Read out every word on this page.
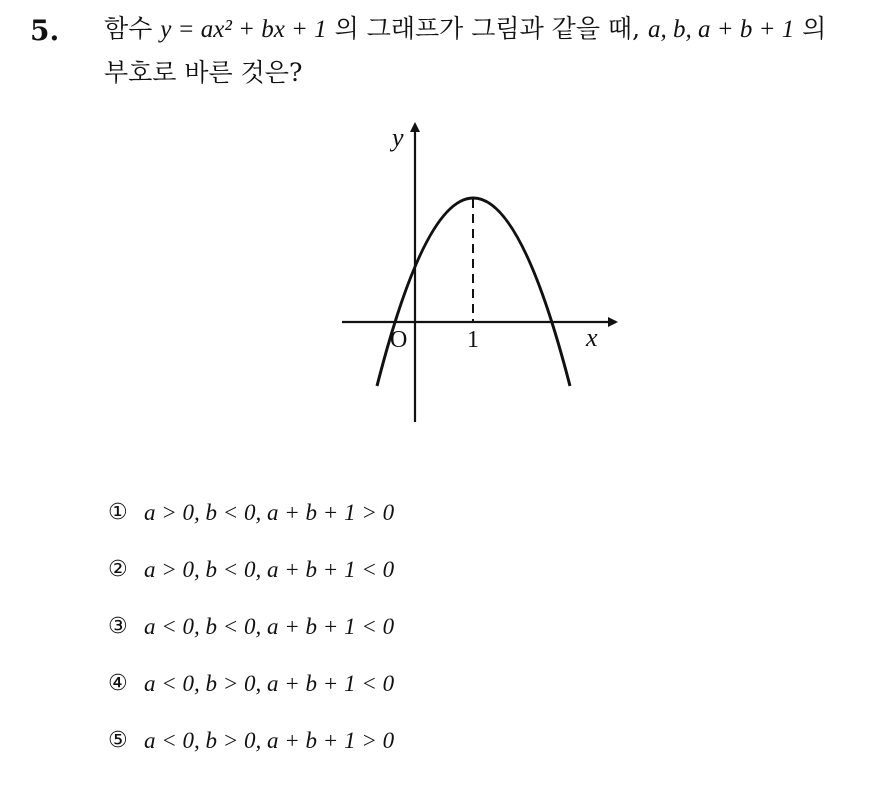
5. 함수 y = ax² + bx + 1 의 그래프가 그림과 같을 때, a, b, a + b + 1 의
부호로 바른 것은?
y
x
O 1
① a > 0, b < 0, a + b + 1 > 0
② a > 0, b < 0, a + b + 1 < 0
③ a < 0, b < 0, a + b + 1 < 0
④ a < 0, b > 0, a + b + 1 < 0
⑤ a < 0, b > 0, a + b + 1 > 0
